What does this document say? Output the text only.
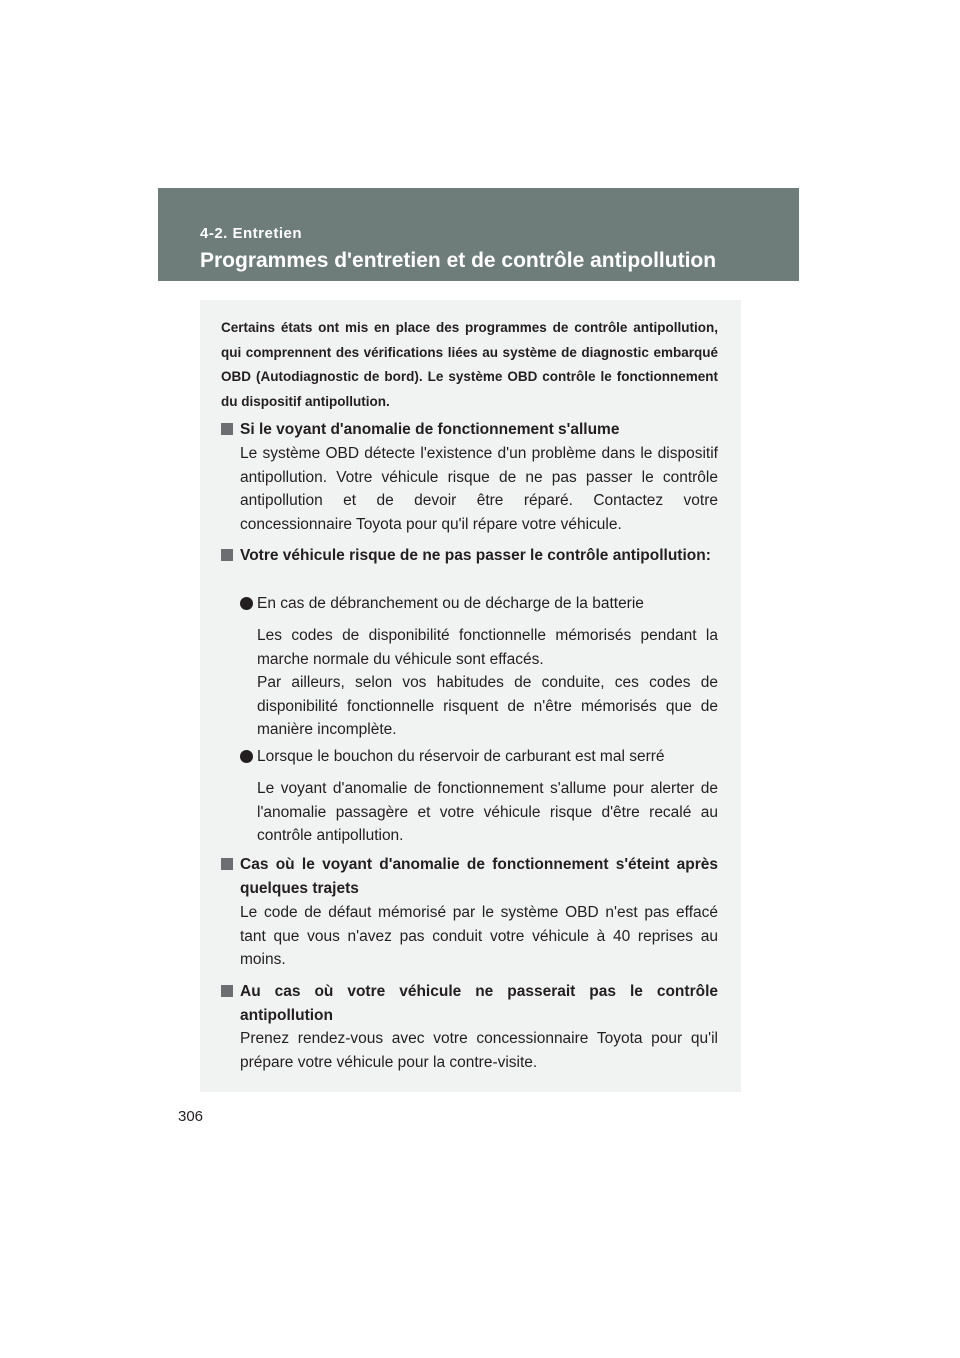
4-2. Entretien
Programmes d'entretien et de contrôle antipollution
306

Certains états ont mis en place des programmes de contrôle antipollution, qui comprennent des vérifications liées au système de diagnostic embarqué OBD (Autodiagnostic de bord). Le système OBD contrôle le fonctionnement du dispositif antipollution.

Si le voyant d'anomalie de fonctionnement s'allume

Le système OBD détecte l'existence d'un problème dans le dispositif antipollution. Votre véhicule risque de ne pas passer le contrôle antipollution et de devoir être réparé. Contactez votre concessionnaire Toyota pour qu'il répare votre véhicule.

Votre véhicule risque de ne pas passer le contrôle antipollution:
En cas de débranchement ou de décharge de la batterie

Les codes de disponibilité fonctionnelle mémorisés pendant la marche normale du véhicule sont effacés.

Par ailleurs, selon vos habitudes de conduite, ces codes de disponibilité fonctionnelle risquent de n'être mémorisés que de manière incomplète.

Lorsque le bouchon du réservoir de carburant est mal serré

Le voyant d'anomalie de fonctionnement s'allume pour alerter de l'anomalie passagère et votre véhicule risque d'être recalé au contrôle antipollution.

Cas où le voyant d'anomalie de fonctionnement s'éteint après quelques trajets

Le code de défaut mémorisé par le système OBD n'est pas effacé tant que vous n'avez pas conduit votre véhicule à 40 reprises au moins.

Au cas où votre véhicule ne passerait pas le contrôle antipollution

Prenez rendez-vous avec votre concessionnaire Toyota pour qu'il prépare votre véhicule pour la contre-visite.
